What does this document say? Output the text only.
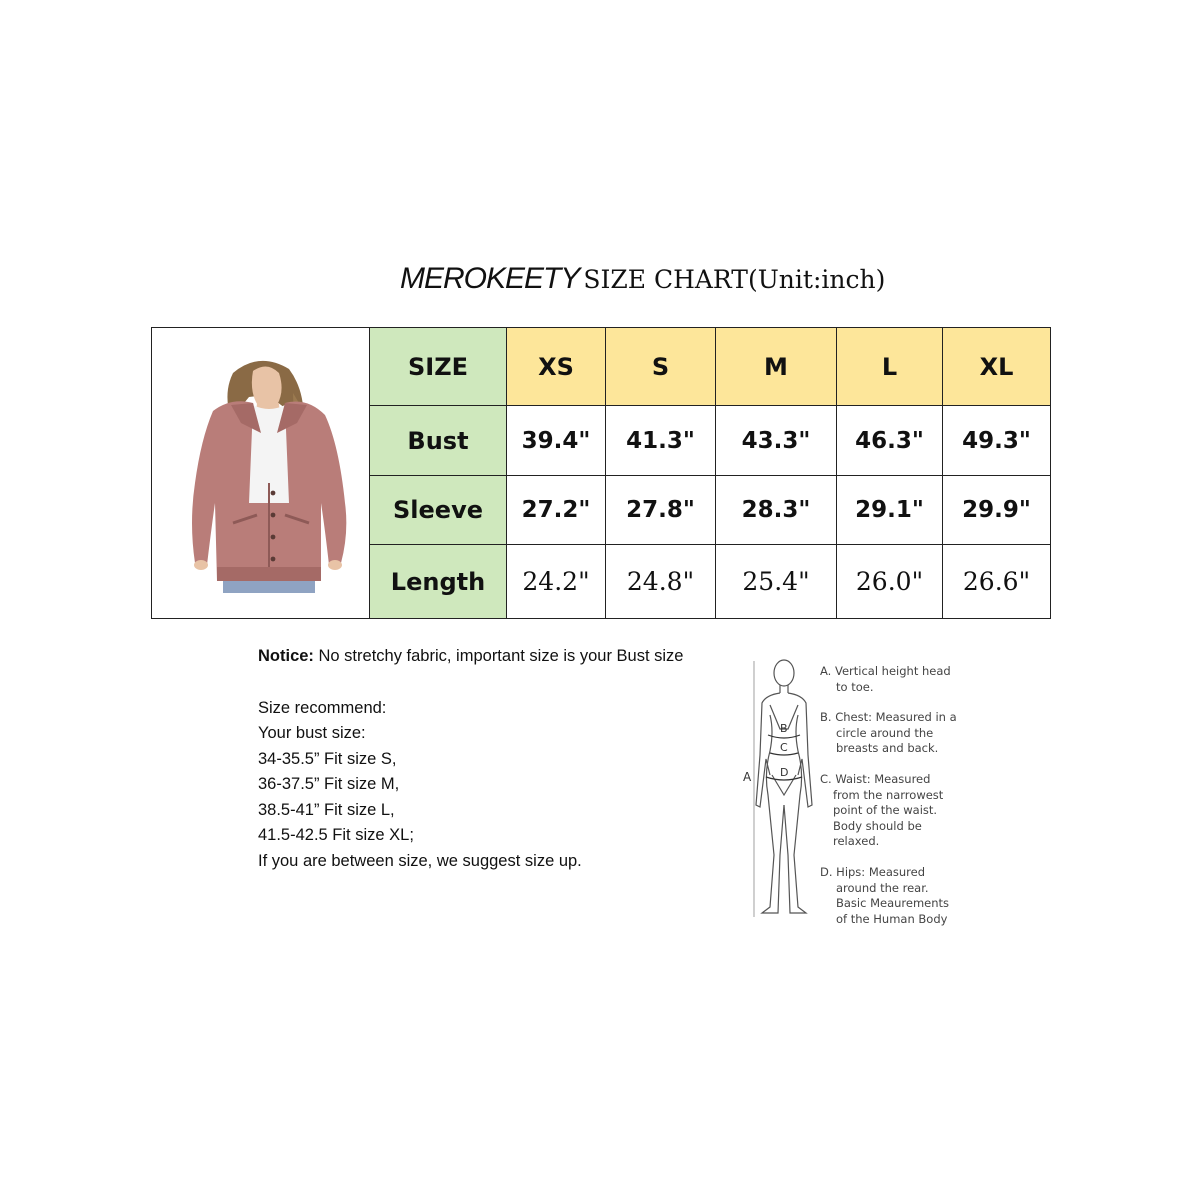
MEROKEETY SIZE CHART(Unit:inch)
	SIZE	XS	S	M	L	XL
	Bust	39.4"	41.3"	43.3"	46.3"	49.3"
	Sleeve	27.2"	27.8"	28.3"	29.1"	29.9"
	Length	24.2"	24.8"	25.4"	26.0"	26.6"
Notice: No stretchy fabric, important size is your Bust size
Size recommend:
Your bust size:
34-35.5” Fit size S,
36-37.5” Fit size M,
38.5-41” Fit size L,
41.5-42.5 Fit size XL;
If you are between size, we suggest size up.
A
B
C
D
A. Vertical height head
to toe.
B. Chest: Measured in a
circle around the
breasts and back.
C. Waist: Measured
from the narrowest
point of the waist.
Body should be
relaxed.
D. Hips: Measured
around the rear.
Basic Meaurements
of the Human Body
